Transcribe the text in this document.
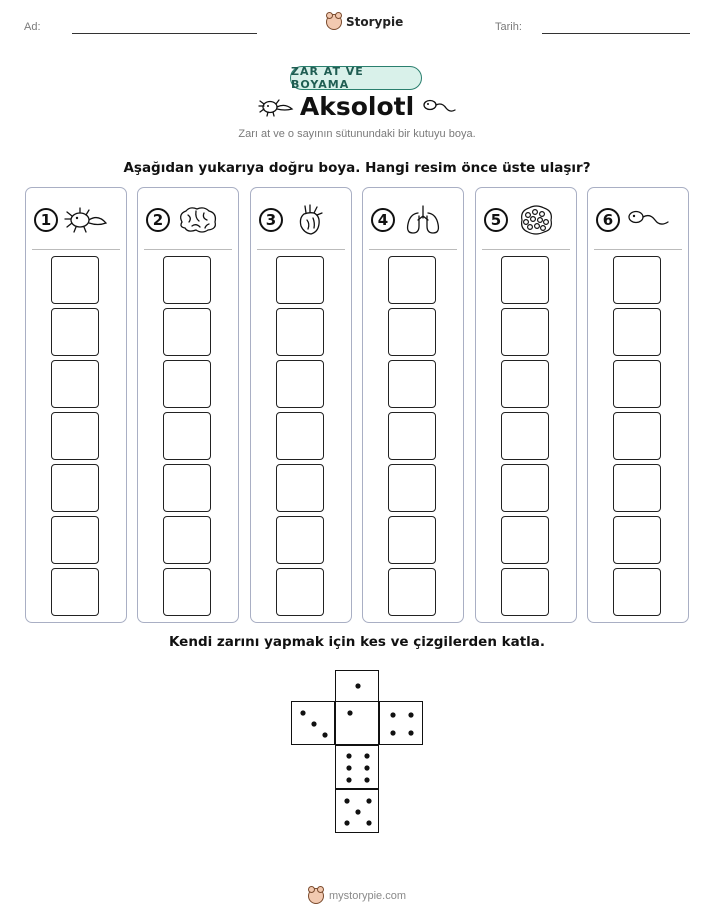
Ad:	Storypie	Tarih:
ZAR AT VE BOYAMA
Aksolotl
Zarı at ve o sayının sütunundaki bir kutuyu boya.
Aşağıdan yukarıya doğru boya. Hangi resim önce üste ulaşır?
1	2	3	4	5	6
Kendi zarını yapmak için kes ve çizgilerden katla.
mystorypie.com
